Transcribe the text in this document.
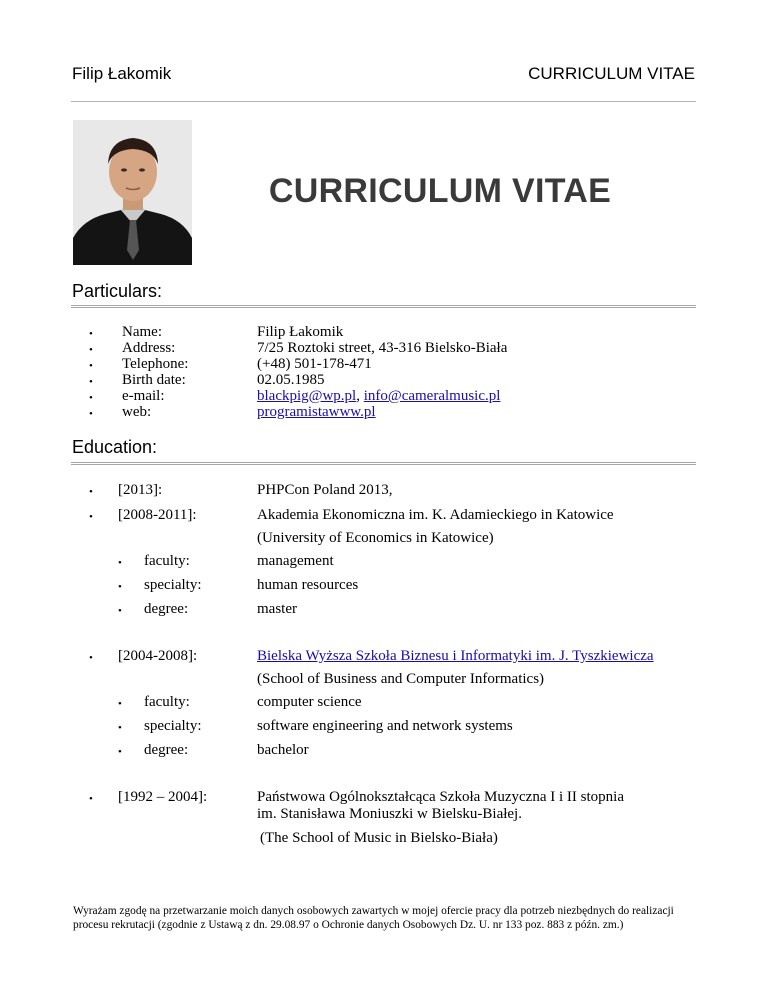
Filip Łakomik	CURRICULUM VITAE
CURRICULUM VITAE
Particulars:
• Name:	Filip Łakomik
• Address:	7/25 Roztoki street, 43-316 Bielsko-Biała
• Telephone:	(+48) 501-178-471
• Birth date:	02.05.1985
• e-mail:	blackpig@wp.pl, info@cameralmusic.pl
• web:	programistawww.pl
Education:
• [2013]:	PHPCon Poland 2013,
• [2008-2011]:	Akademia Ekonomiczna im. K. Adamieckiego in Katowice
(University of Economics in Katowice)
• faculty:	management
• specialty:	human resources
• degree:	master
• [2004-2008]:	Bielska Wyższa Szkoła Biznesu i Informatyki im. J. Tyszkiewicza
(School of Business and Computer Informatics)
• faculty:	computer science
• specialty:	software engineering and network systems
• degree:	bachelor
• [1992 – 2004]:	Państwowa Ogólnokształcąca Szkoła Muzyczna I i II stopnia
im. Stanisława Moniuszki w Bielsku-Białej.
(The School of Music in Bielsko-Biała)
Wyrażam zgodę na przetwarzanie moich danych osobowych zawartych w mojej ofercie pracy dla potrzeb niezbędnych do realizacji procesu rekrutacji (zgodnie z Ustawą z dn. 29.08.97 o Ochronie danych Osobowych Dz. U. nr 133 poz. 883 z późn. zm.)
